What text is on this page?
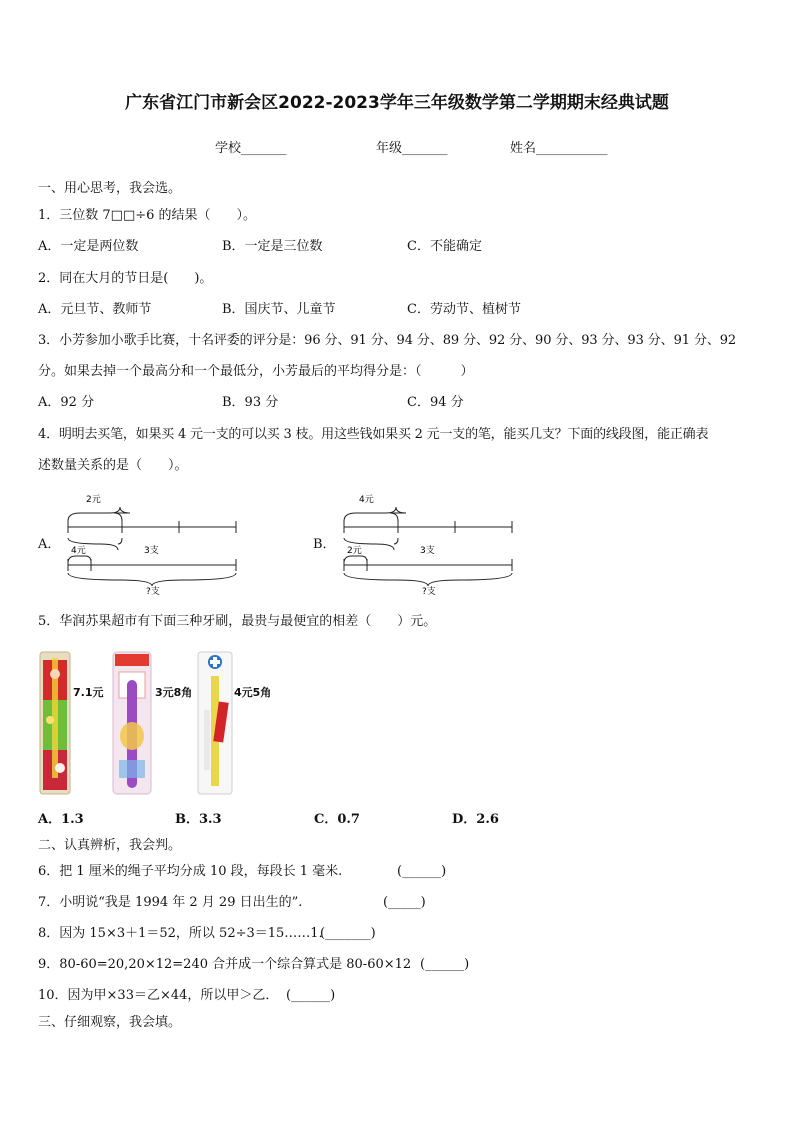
广东省江门市新会区2022-2023学年三年级数学第二学期期末经典试题
学校_______	年级_______	姓名___________
一、用心思考，我会选。
1．三位数 7□□÷6 的结果（　　）。
A．一定是两位数	B．一定是三位数	C．不能确定
2．同在大月的节日是(　　)。
A．元旦节、教师节	B．国庆节、儿童节	C．劳动节、植树节
3．小芳参加小歌手比赛，十名评委的评分是：96 分、91 分、94 分、89 分、92 分、90 分、93 分、93 分、91 分、92
分。如果去掉一个最高分和一个最低分，小芳最后的平均得分是：（　　　）
A．92 分	B．93 分	C．94 分
4．明明去买笔，如果买 4 元一支的可以买 3 枝。用这些钱如果买 2 元一支的笔，能买几支？下面的线段图，能正确表
述数量关系的是（　　）。
A．
2元
4元	3支
?支
B．
4元
2元	3支
?支
5．华润苏果超市有下面三种牙刷，最贵与最便宜的相差（　　）元。
7.1元	3元8角	4元5角
A．1.3	B．3.3	C．0.7	D．2.6
二、认真辨析，我会判。
6．把 1 厘米的绳子平均分成 10 段，每段长 1 毫米.	(______)
7．小明说“我是 1994 年 2 月 29 日出生的”.	(_____)
8．因为 15×3＋1＝52，所以 52÷3＝15……1．
(_______)
9．80-60=20,20×12=240 合并成一个综合算式是 80-60×12 (______)
10．因为甲×33＝乙×44，所以甲＞乙． (______)
三、仔细观察，我会填。
